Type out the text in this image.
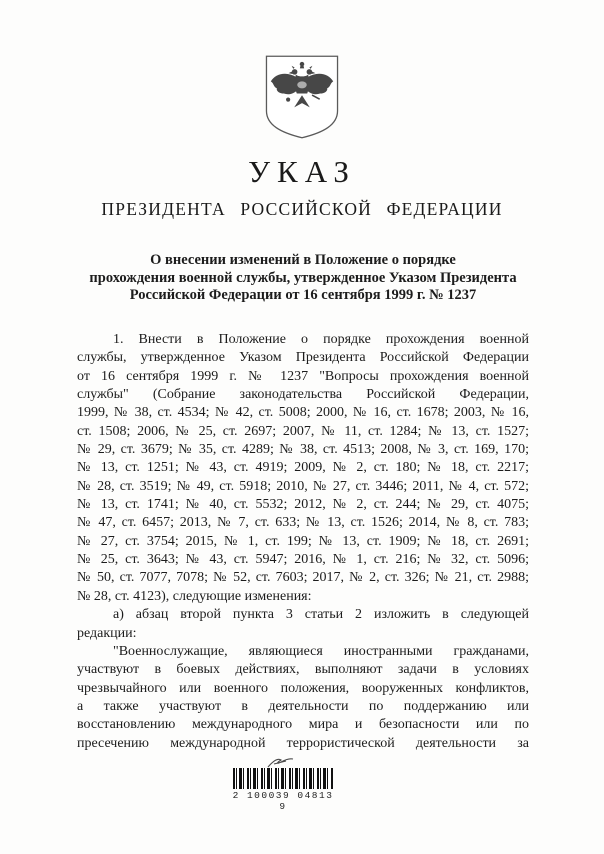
УКАЗ
ПРЕЗИДЕНТА РОССИЙСКОЙ ФЕДЕРАЦИИ
О внесении изменений в Положение о порядке
прохождения военной службы, утвержденное Указом Президента
Российской Федерации от 16 сентября 1999 г. № 1237
1. Внести в Положение о порядке прохождения военной
службы, утвержденное Указом Президента Российской Федерации
от 16 сентября 1999 г. № 1237 "Вопросы прохождения военной
службы" (Собрание законодательства Российской Федерации,
1999, № 38, ст. 4534; № 42, ст. 5008; 2000, № 16, ст. 1678; 2003, № 16,
ст. 1508; 2006, № 25, ст. 2697; 2007, № 11, ст. 1284; № 13, ст. 1527;
№ 29, ст. 3679; № 35, ст. 4289; № 38, ст. 4513; 2008, № 3, ст. 169, 170;
№ 13, ст. 1251; № 43, ст. 4919; 2009, № 2, ст. 180; № 18, ст. 2217;
№ 28, ст. 3519; № 49, ст. 5918; 2010, № 27, ст. 3446; 2011, № 4, ст. 572;
№ 13, ст. 1741; № 40, ст. 5532; 2012, № 2, ст. 244; № 29, ст. 4075;
№ 47, ст. 6457; 2013, № 7, ст. 633; № 13, ст. 1526; 2014, № 8, ст. 783;
№ 27, ст. 3754; 2015, № 1, ст. 199; № 13, ст. 1909; № 18, ст. 2691;
№ 25, ст. 3643; № 43, ст. 5947; 2016, № 1, ст. 216; № 32, ст. 5096;
№ 50, ст. 7077, 7078; № 52, ст. 7603; 2017, № 2, ст. 326; № 21, ст. 2988;
№ 28, ст. 4123), следующие изменения:
а) абзац второй пункта 3 статьи 2 изложить в следующей
редакции:
"Военнослужащие, являющиеся иностранными гражданами,
участвуют в боевых действиях, выполняют задачи в условиях
чрезвычайного или военного положения, вооруженных конфликтов,
а также участвуют в деятельности по поддержанию или
восстановлению международного мира и безопасности или по
пресечению международной террористической деятельности за
2 100039 04813 9
